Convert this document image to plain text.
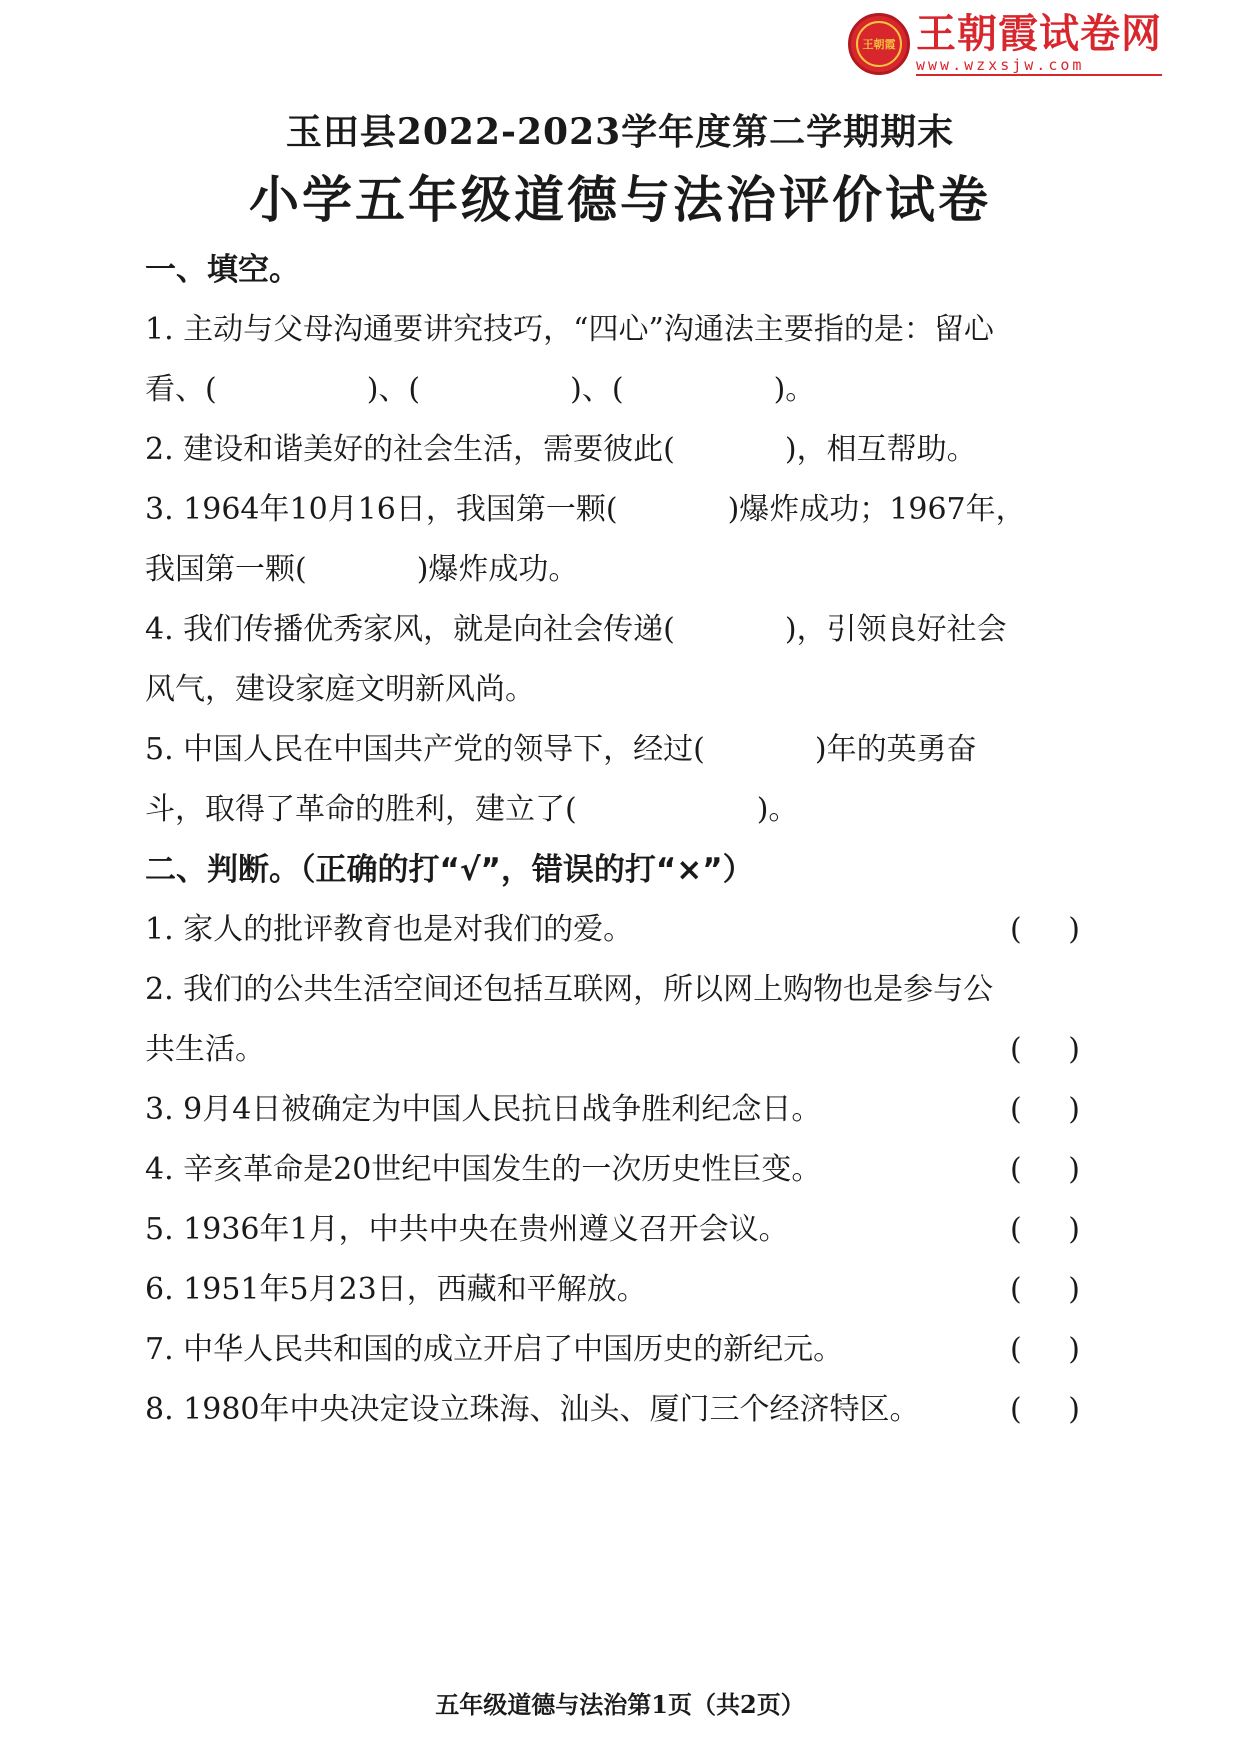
王朝霞 王朝霞试卷网
www.wzxsjw.com
玉田县2022-2023学年度第二学期期末
小学五年级道德与法治评价试卷
一、填空。
1. 主动与父母沟通要讲究技巧，“四心”沟通法主要指的是：留心
看、(	)、(	)、(	)。
2. 建设和谐美好的社会生活，需要彼此(	)，相互帮助。
3. 1964年10月16日，我国第一颗(	)爆炸成功；1967年，
我国第一颗(	)爆炸成功。
4. 我们传播优秀家风，就是向社会传递(	)，引领良好社会
风气，建设家庭文明新风尚。
5. 中国人民在中国共产党的领导下，经过(	)年的英勇奋
斗，取得了革命的胜利，建立了(	)。
二、判断。（正确的打“√”，错误的打“×”）
1. 家人的批评教育也是对我们的爱。	( )
2. 我们的公共生活空间还包括互联网，所以网上购物也是参与公
共生活。	( )
3. 9月4日被确定为中国人民抗日战争胜利纪念日。	( )
4. 辛亥革命是20世纪中国发生的一次历史性巨变。	( )
5. 1936年1月，中共中央在贵州遵义召开会议。	( )
6. 1951年5月23日，西藏和平解放。	( )
7. 中华人民共和国的成立开启了中国历史的新纪元。	( )
8. 1980年中央决定设立珠海、汕头、厦门三个经济特区。	( )
五年级道德与法治第1页（共2页）
